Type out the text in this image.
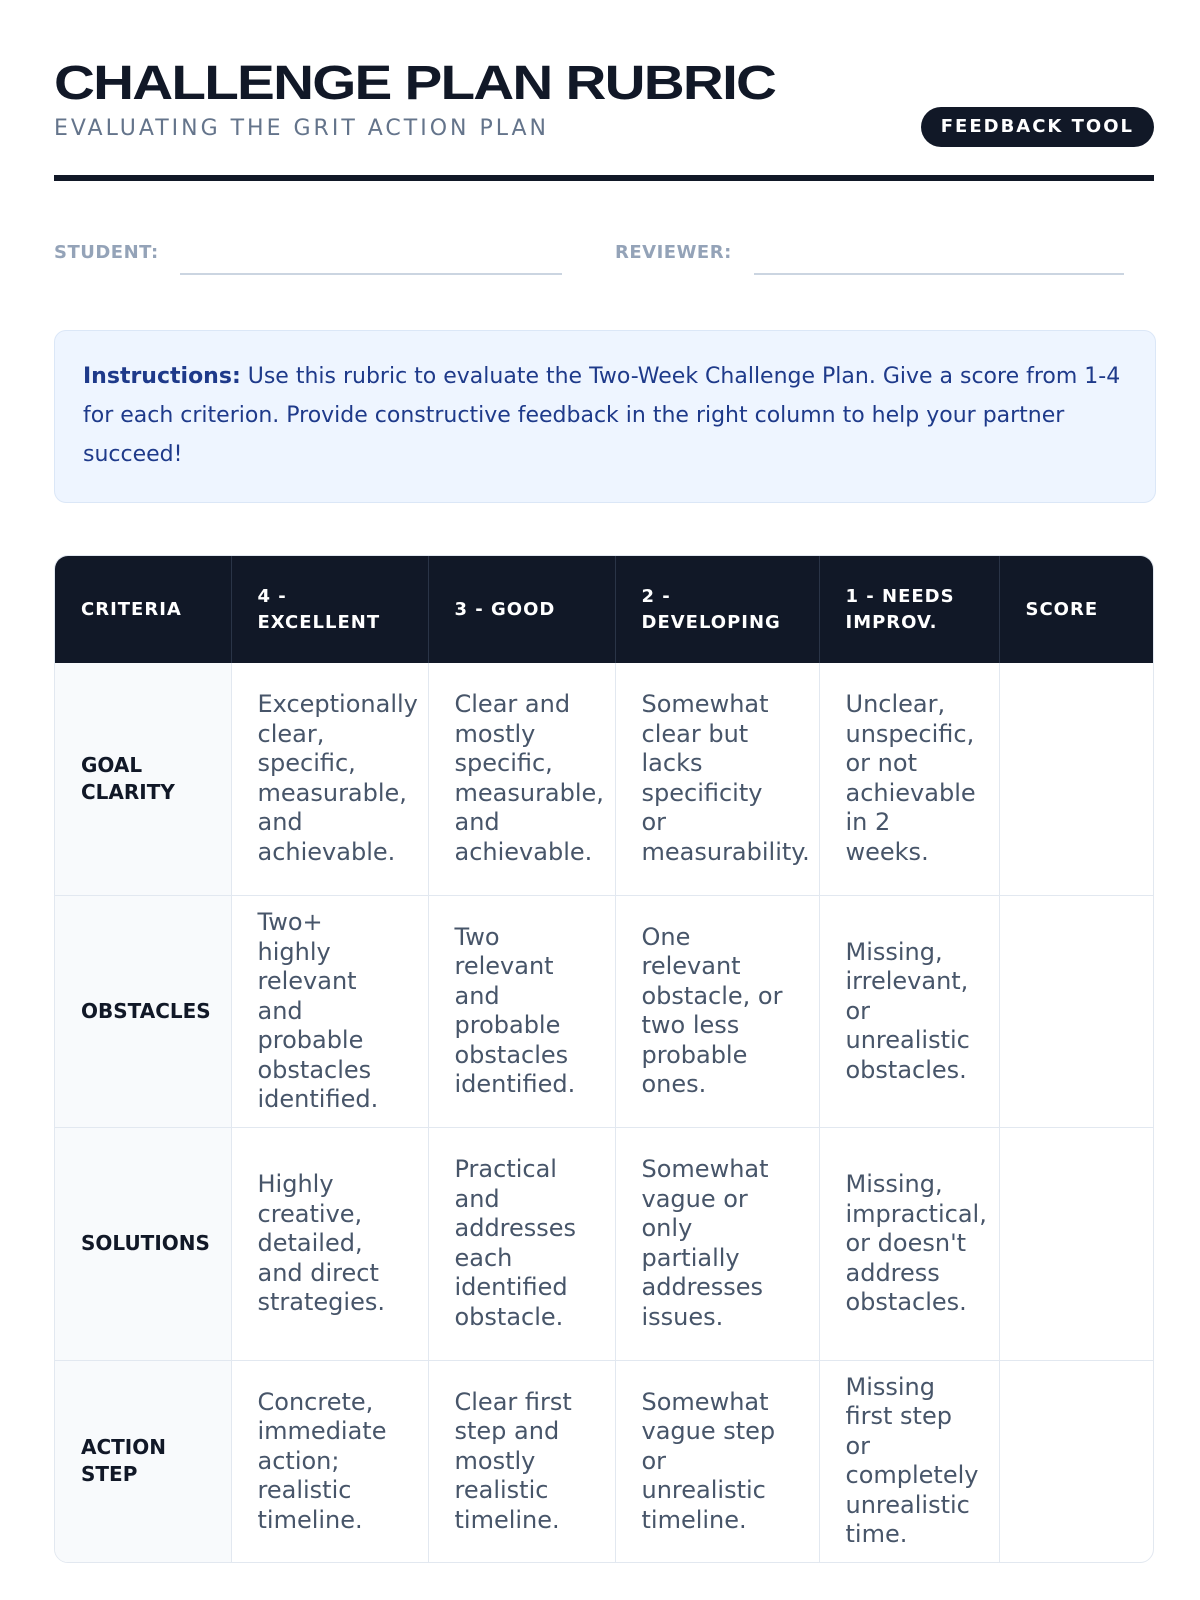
CHALLENGE PLAN RUBRIC
EVALUATING THE GRIT ACTION PLAN	FEEDBACK TOOL
STUDENT:	REVIEWER:
Instructions: Use this rubric to evaluate the Two-Week Challenge Plan. Give a score from 1-4 for each criterion. Provide constructive feedback in the right column to help your partner succeed!
CRITERIA	4 - EXCELLENT	3 - GOOD	2 - DEVELOPING	1 - NEEDS IMPROV.	SCORE
GOAL CLARITY	Exceptionally clear, specific, measurable, and achievable.	Clear and mostly specific, measurable, and achievable.	Somewhat clear but lacks specificity or measurability.	Unclear, unspecific, or not achievable in 2 weeks.	
OBSTACLES	Two+ highly relevant and probable obstacles identified.	Two relevant and probable obstacles identified.	One relevant obstacle, or two less probable ones.	Missing, irrelevant, or unrealistic obstacles.	
SOLUTIONS	Highly creative, detailed, and direct strategies.	Practical and addresses each identified obstacle.	Somewhat vague or only partially addresses issues.	Missing, impractical, or doesn't address obstacles.	
ACTION STEP	Concrete, immediate action; realistic timeline.	Clear first step and mostly realistic timeline.	Somewhat vague step or unrealistic timeline.	Missing first step or completely unrealistic time.	
